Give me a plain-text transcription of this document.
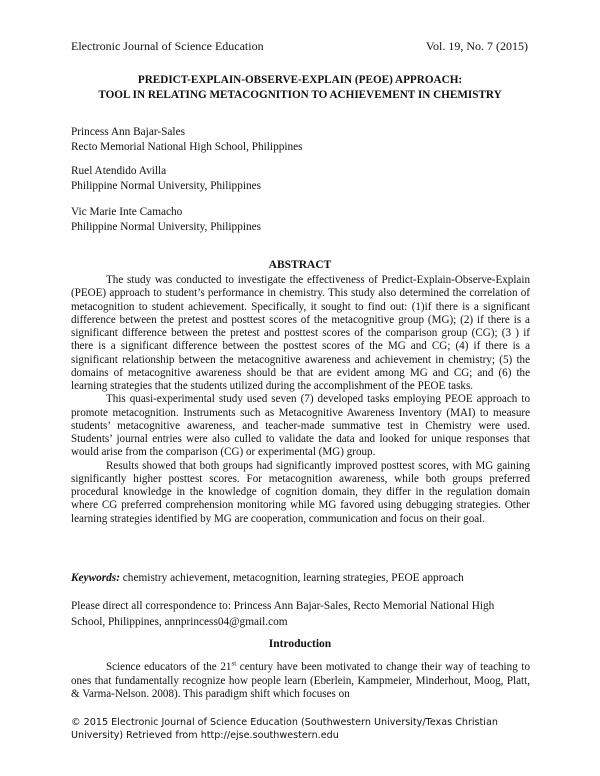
Electronic Journal of Science Education	Vol. 19, No. 7 (2015)
PREDICT-EXPLAIN-OBSERVE-EXPLAIN (PEOE) APPROACH:
TOOL IN RELATING METACOGNITION TO ACHIEVEMENT IN CHEMISTRY
Princess Ann Bajar-Sales
Recto Memorial National High School, Philippines
Ruel Atendido Avilla
Philippine Normal University, Philippines
Vic Marie Inte Camacho
Philippine Normal University, Philippines
ABSTRACT

The study was conducted to investigate the effectiveness of Predict-Explain-Observe-Explain (PEOE) approach to student’s performance in chemistry. This study also determined the correlation of metacognition to student achievement. Specifically, it sought to find out: (1)if there is a significant difference between the pretest and posttest scores of the metacognitive group (MG); (2) if there is a significant difference between the pretest and posttest scores of the comparison group (CG); (3 ) if there is a significant difference between the posttest scores of the MG and CG; (4) if there is a significant relationship between the metacognitive awareness and achievement in chemistry; (5) the domains of metacognitive awareness should be that are evident among MG and CG; and (6) the learning strategies that the students utilized during the accomplishment of the PEOE tasks.

This quasi-experimental study used seven (7) developed tasks employing PEOE approach to promote metacognition. Instruments such as Metacognitive Awareness Inventory (MAI) to measure students’ metacognitive awareness, and teacher-made summative test in Chemistry were used. Students’ journal entries were also culled to validate the data and looked for unique responses that would arise from the comparison (CG) or experimental (MG) group.

Results showed that both groups had significantly improved posttest scores, with MG gaining significantly higher posttest scores. For metacognition awareness, while both groups preferred procedural knowledge in the knowledge of cognition domain, they differ in the regulation domain where CG preferred comprehension monitoring while MG favored using debugging strategies. Other learning strategies identified by MG are cooperation, communication and focus on their goal.

Keywords: chemistry achievement, metacognition, learning strategies, PEOE approach
Please direct all correspondence to: Princess Ann Bajar-Sales, Recto Memorial National High School, Philippines, annprincess04@gmail.com
Introduction

Science educators of the 21st century have been motivated to change their way of teaching to ones that fundamentally recognize how people learn (Eberlein, Kampmeier, Minderhout, Moog, Platt, & Varma-Nelson. 2008). This paradigm shift which focuses on

© 2015 Electronic Journal of Science Education (Southwestern University/Texas Christian University) Retrieved from http://ejse.southwestern.edu
